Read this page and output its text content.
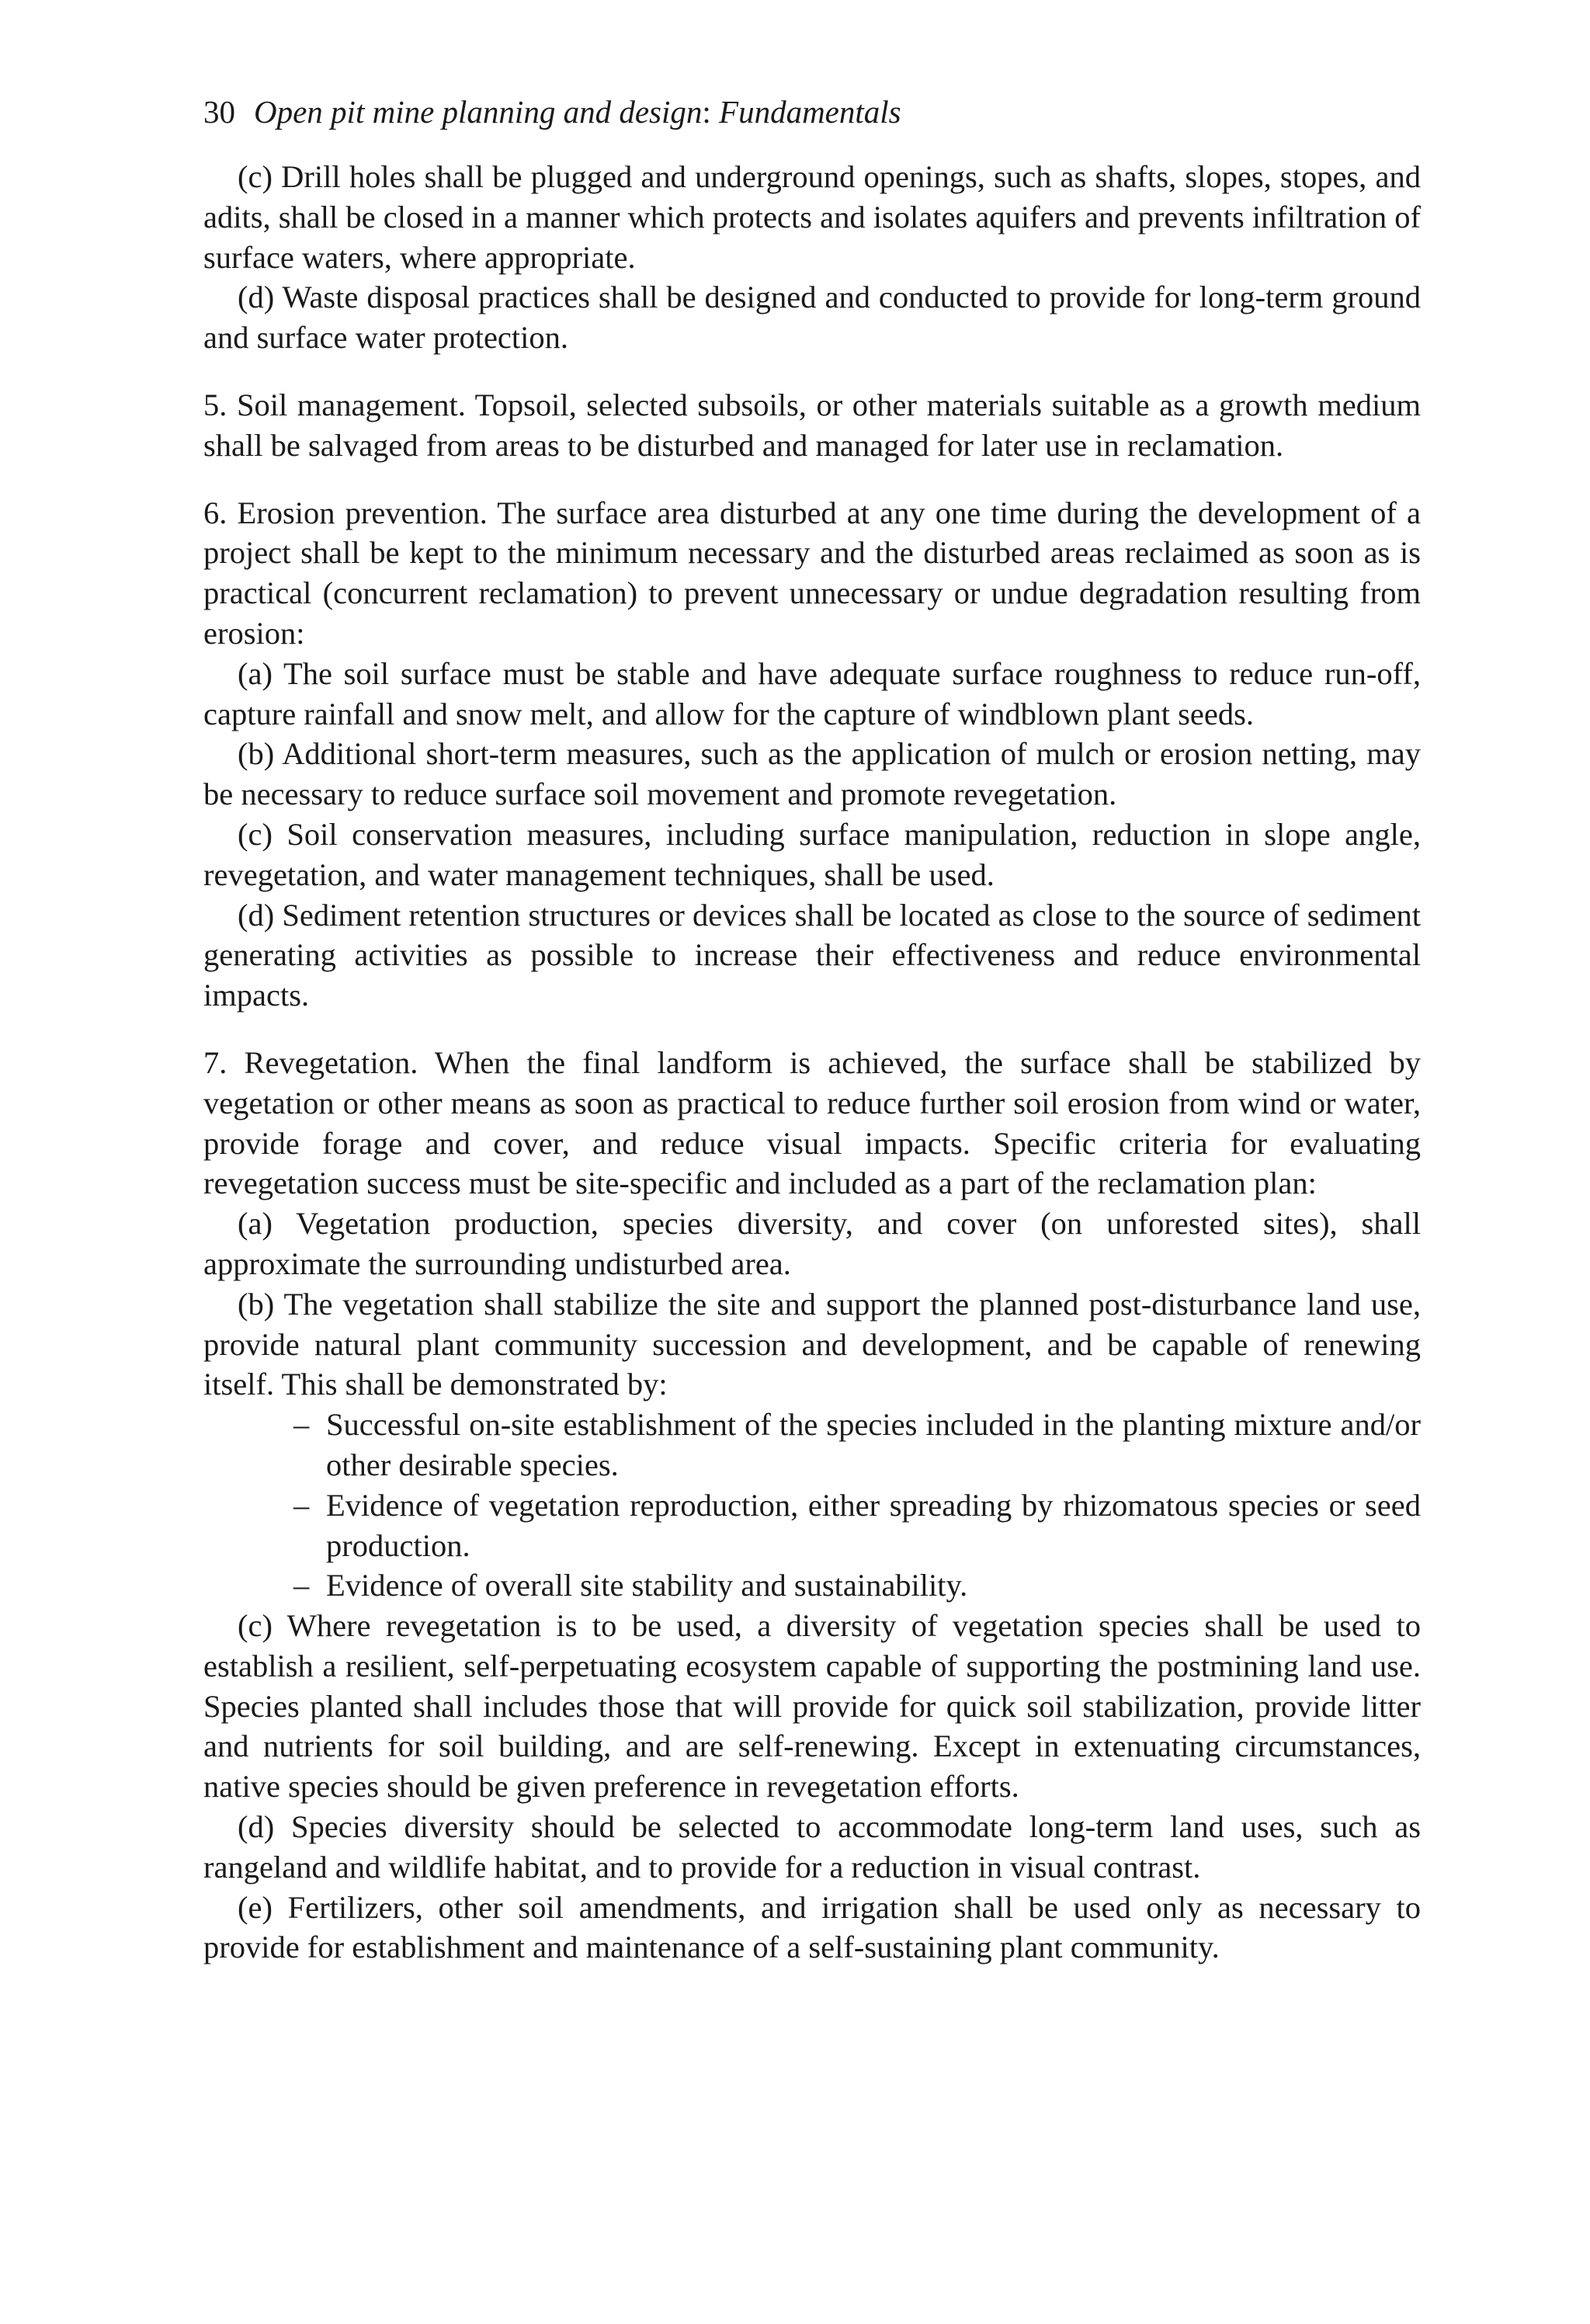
30 Open pit mine planning and design: Fundamentals

(c) Drill holes shall be plugged and underground openings, such as shafts, slopes, stopes, and adits, shall be closed in a manner which protects and isolates aquifers and prevents infiltration of surface waters, where appropriate.

(d) Waste disposal practices shall be designed and conducted to provide for long-term ground and surface water protection.

5. Soil management. Topsoil, selected subsoils, or other materials suitable as a growth medium shall be salvaged from areas to be disturbed and managed for later use in reclamation.

6. Erosion prevention. The surface area disturbed at any one time during the development of a project shall be kept to the minimum necessary and the disturbed areas reclaimed as soon as is practical (concurrent reclamation) to prevent unnecessary or undue degradation resulting from erosion:

(a) The soil surface must be stable and have adequate surface roughness to reduce run-off, capture rainfall and snow melt, and allow for the capture of windblown plant seeds.

(b) Additional short-term measures, such as the application of mulch or erosion netting, may be necessary to reduce surface soil movement and promote revegetation.

(c) Soil conservation measures, including surface manipulation, reduction in slope angle, revegetation, and water management techniques, shall be used.

(d) Sediment retention structures or devices shall be located as close to the source of sediment generating activities as possible to increase their effectiveness and reduce environmental impacts.

7. Revegetation. When the final landform is achieved, the surface shall be stabilized by vegetation or other means as soon as practical to reduce further soil erosion from wind or water, provide forage and cover, and reduce visual impacts. Specific criteria for evaluating revegetation success must be site-specific and included as a part of the reclamation plan:

(a) Vegetation production, species diversity, and cover (on unforested sites), shall approximate the surrounding undisturbed area.

(b) The vegetation shall stabilize the site and support the planned post-disturbance land use, provide natural plant community succession and development, and be capable of renewing itself. This shall be demonstrated by:

– Successful on-site establishment of the species included in the planting mixture and/or other desirable species.
– Evidence of vegetation reproduction, either spreading by rhizomatous species or seed production.
– Evidence of overall site stability and sustainability.

(c) Where revegetation is to be used, a diversity of vegetation species shall be used to establish a resilient, self-perpetuating ecosystem capable of supporting the postmining land use. Species planted shall includes those that will provide for quick soil stabilization, provide litter and nutrients for soil building, and are self-renewing. Except in extenuating circumstances, native species should be given preference in revegetation efforts.

(d) Species diversity should be selected to accommodate long-term land uses, such as rangeland and wildlife habitat, and to provide for a reduction in visual contrast.

(e) Fertilizers, other soil amendments, and irrigation shall be used only as necessary to provide for establishment and maintenance of a self-sustaining plant community.
